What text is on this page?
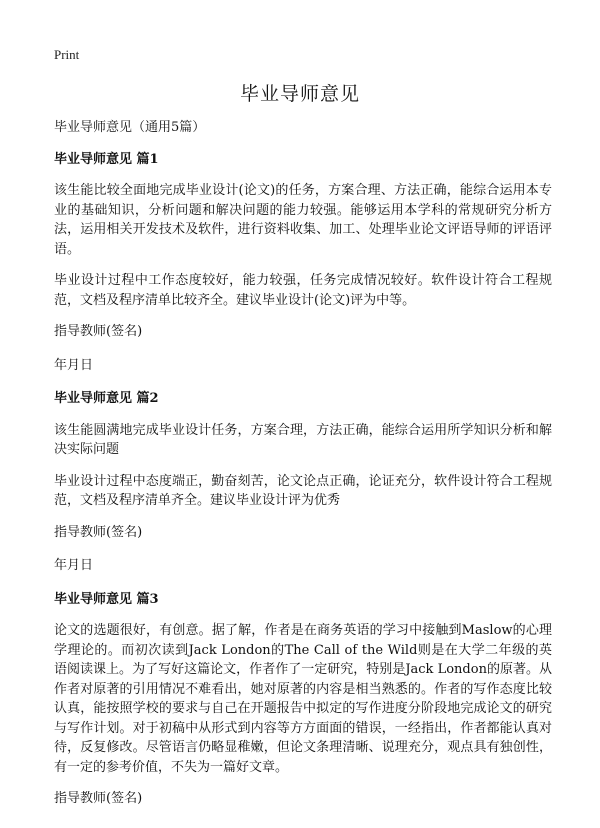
Print
毕业导师意见

毕业导师意见（通用5篇）

毕业导师意见 篇1

该生能比较全面地完成毕业设计(论文)的任务，方案合理、方法正确，能综合运用本专业的基础知识，分析问题和解决问题的能力较强。能够运用本学科的常规研究分析方法，运用相关开发技术及软件，进行资料收集、加工、处理毕业论文评语导师的评语评语。

毕业设计过程中工作态度较好，能力较强，任务完成情况较好。软件设计符合工程规范，文档及程序清单比较齐全。建议毕业设计(论文)评为中等。

指导教师(签名)

年月日

毕业导师意见 篇2

该生能圆满地完成毕业设计任务，方案合理，方法正确，能综合运用所学知识分析和解决实际问题

毕业设计过程中态度端正，勤奋刻苦，论文论点正确，论证充分，软件设计符合工程规范，文档及程序清单齐全。建议毕业设计评为优秀

指导教师(签名)

年月日

毕业导师意见 篇3

论文的选题很好，有创意。据了解，作者是在商务英语的学习中接触到Maslow的心理学理论的。而初次读到Jack London的The Call of the Wild则是在大学二年级的英语阅读课上。为了写好这篇论文，作者作了一定研究，特别是Jack London的原著。从作者对原著的引用情况不难看出，她对原著的内容是相当熟悉的。作者的写作态度比较认真，能按照学校的要求与自己在开题报告中拟定的写作进度分阶段地完成论文的研究与写作计划。对于初稿中从形式到内容等方方面面的错误，一经指出，作者都能认真对待，反复修改。尽管语言仍略显稚嫩，但论文条理清晰、说理充分，观点具有独创性，有一定的参考价值，不失为一篇好文章。

指导教师(签名)
